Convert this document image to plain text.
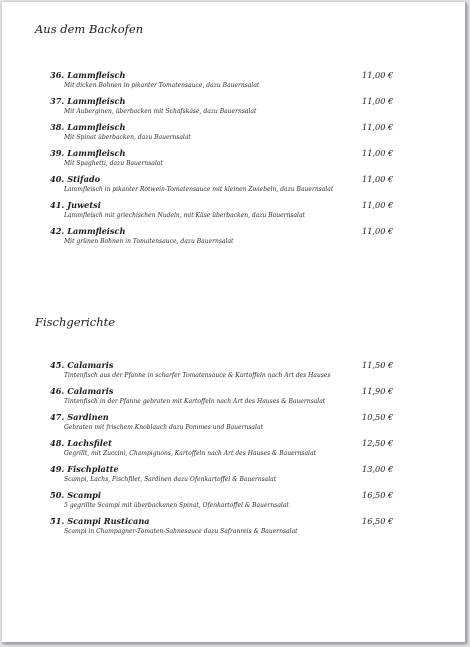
Aus dem Backofen
36. Lammfleisch	11,00 €
Mit dicken Bohnen in pikanter Tomatensauce, dazu Bauernsalat
37. Lammfleisch	11,00 €
Mit Auberginen, überbacken mit Schafskäse, dazu Bauernsalat
38. Lammfleisch	11,00 €
Mit Spinat überbacken, dazu Bauernsalat
39. Lammfleisch	11,00 €
Mit Spaghetti, dazu Bauernsalat
40. Stifado	11,00 €
Lammfleisch in pikanter Rotwein-Tomatensauce mit kleinen Zwiebeln, dazu Bauernsalat
41. Juwetsi	11,00 €
Lammfleisch mit griechischen Nudeln, mit Käse überbacken, dazu Bauernsalat
42. Lammfleisch	11,00 €
Mit grünen Bohnen in Tomatensauce, dazu Bauernsalat
Fischgerichte
45. Calamaris	11,50 €
Tintenfisch aus der Pfanne in scharfer Tomatensauce & Kartoffeln nach Art des Hauses
46. Calamaris	11,90 €
Tintenfisch in der Pfanne gebraten mit Kartoffeln nach Art des Hauses & Bauernsalat
47. Sardinen	10,50 €
Gebraten mit frischem Knoblauch dazu Pommes und Bauernsalat
48. Lachsfilet	12,50 €
Gegrillt, mit Zuccini, Champignons, Kartoffeln nach Art des Hauses & Bauernsalat
49. Fischplatte	13,00 €
Scampi, Lachs, Fischfilet, Sardinen dazu Ofenkartoffel & Bauernsalat
50. Scampi	16,50 €
5 gegrillte Scampi mit überbackenen Spinat, Ofenkartoffel & Bauernsalat
51. Scampi Rusticana	16,50 €
Scampi in Champagner-Tomaten-Sahnesauce dazu Safranreis & Bauernsalat
